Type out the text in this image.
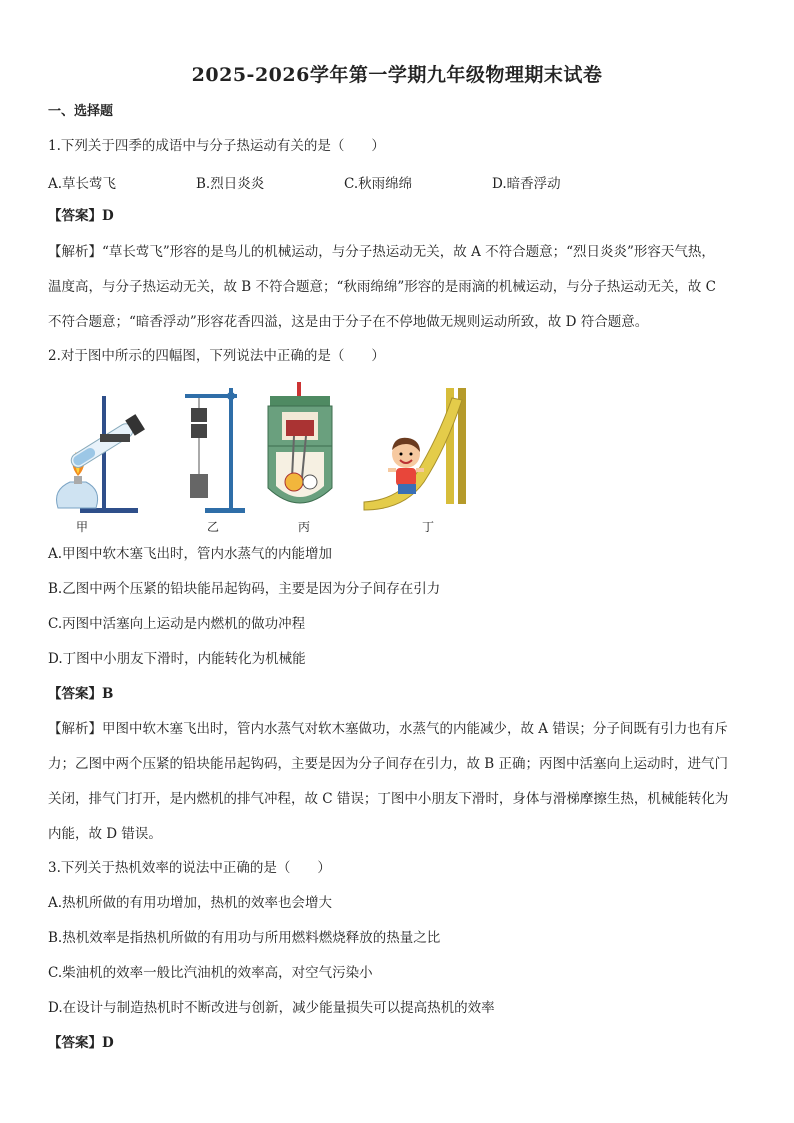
2025-2026学年第一学期九年级物理期末试卷
一、选择题
1.下列关于四季的成语中与分子热运动有关的是（　　）
A.草长莺飞	B.烈日炎炎	C.秋雨绵绵	D.暗香浮动
【答案】D
【解析】“草长莺飞”形容的是鸟儿的机械运动，与分子热运动无关，故 A 不符合题意；“烈日炎炎”形容天气热，
温度高，与分子热运动无关，故 B 不符合题意；“秋雨绵绵”形容的是雨滴的机械运动，与分子热运动无关，故 C
不符合题意；“暗香浮动”形容花香四溢，这是由于分子在不停地做无规则运动所致，故 D 符合题意。
2.对于图中所示的四幅图，下列说法中正确的是（　　）
甲	乙	丙	丁
A.甲图中软木塞飞出时，管内水蒸气的内能增加
B.乙图中两个压紧的铅块能吊起钩码，主要是因为分子间存在引力
C.丙图中活塞向上运动是内燃机的做功冲程
D.丁图中小朋友下滑时，内能转化为机械能
【答案】B
【解析】甲图中软木塞飞出时，管内水蒸气对软木塞做功，水蒸气的内能减少，故 A 错误；分子间既有引力也有斥
力；乙图中两个压紧的铅块能吊起钩码，主要是因为分子间存在引力，故 B 正确；丙图中活塞向上运动时，进气门
关闭，排气门打开，是内燃机的排气冲程，故 C 错误；丁图中小朋友下滑时，身体与滑梯摩擦生热，机械能转化为
内能，故 D 错误。
3.下列关于热机效率的说法中正确的是（　　）
A.热机所做的有用功增加，热机的效率也会增大
B.热机效率是指热机所做的有用功与所用燃料燃烧释放的热量之比
C.柴油机的效率一般比汽油机的效率高，对空气污染小
D.在设计与制造热机时不断改进与创新，减少能量损失可以提高热机的效率
【答案】D
